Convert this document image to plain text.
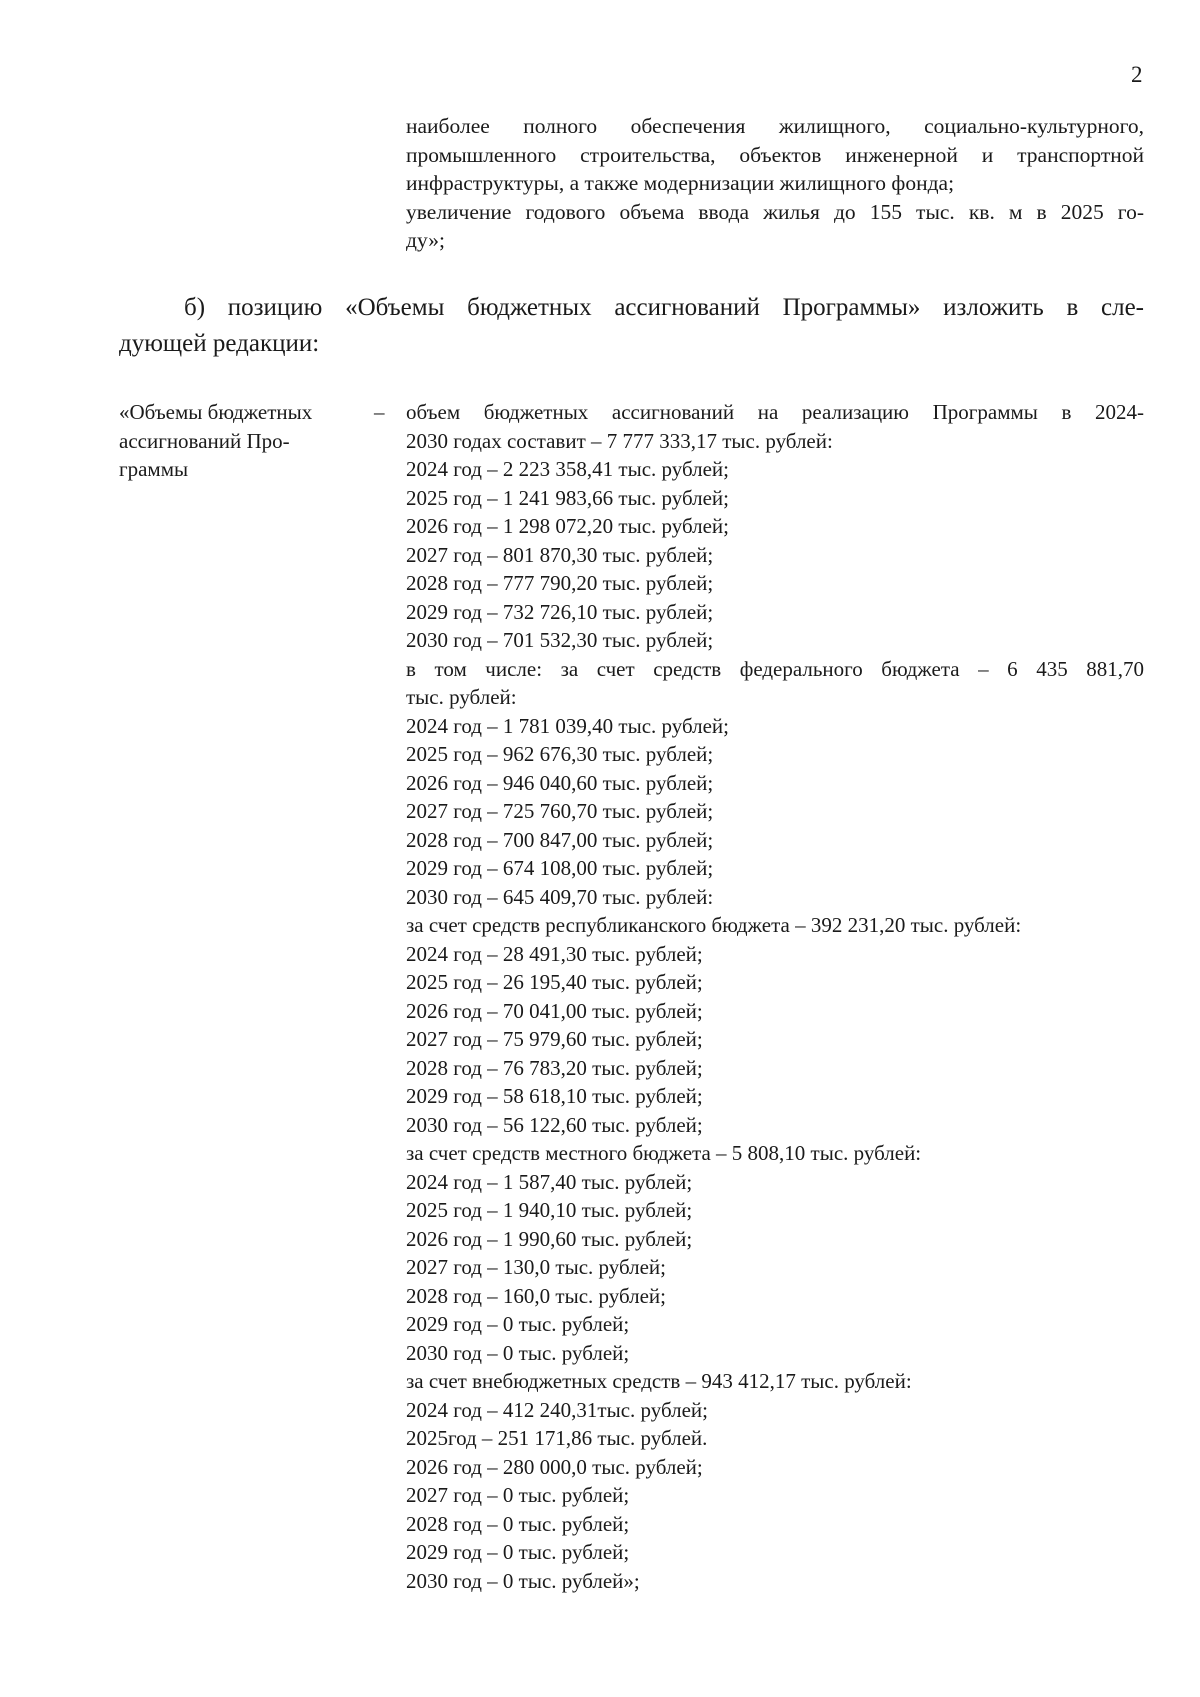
2
наиболее полного обеспечения жилищного, социально-культурного,
промышленного строительства, объектов инженерной и транспортной
инфраструктуры, а также модернизации жилищного фонда;
увеличение годового объема ввода жилья до 155 тыс. кв. м в 2025 го-
ду»;
б) позицию «Объемы бюджетных ассигнований Программы» изложить в сле-
дующей редакции:
«Объемы бюджетных
ассигнований Про-
граммы
– объем бюджетных ассигнований на реализацию Программы в 2024-
2030 годах составит – 7 777 333,17 тыс. рублей:
2024 год – 2 223 358,41 тыс. рублей;
2025 год – 1 241 983,66 тыс. рублей;
2026 год – 1 298 072,20 тыс. рублей;
2027 год – 801 870,30 тыс. рублей;
2028 год – 777 790,20 тыс. рублей;
2029 год – 732 726,10 тыс. рублей;
2030 год – 701 532,30 тыс. рублей;
в том числе: за счет средств федерального бюджета – 6 435 881,70
тыс. рублей:
2024 год – 1 781 039,40 тыс. рублей;
2025 год – 962 676,30 тыс. рублей;
2026 год – 946 040,60 тыс. рублей;
2027 год – 725 760,70 тыс. рублей;
2028 год – 700 847,00 тыс. рублей;
2029 год – 674 108,00 тыс. рублей;
2030 год – 645 409,70 тыс. рублей:
за счет средств республиканского бюджета – 392 231,20 тыс. рублей:
2024 год – 28 491,30 тыс. рублей;
2025 год – 26 195,40 тыс. рублей;
2026 год – 70 041,00 тыс. рублей;
2027 год – 75 979,60 тыс. рублей;
2028 год – 76 783,20 тыс. рублей;
2029 год – 58 618,10 тыс. рублей;
2030 год – 56 122,60 тыс. рублей;
за счет средств местного бюджета – 5 808,10 тыс. рублей:
2024 год – 1 587,40 тыс. рублей;
2025 год – 1 940,10 тыс. рублей;
2026 год – 1 990,60 тыс. рублей;
2027 год – 130,0 тыс. рублей;
2028 год – 160,0 тыс. рублей;
2029 год – 0 тыс. рублей;
2030 год – 0 тыс. рублей;
за счет внебюджетных средств – 943 412,17 тыс. рублей:
2024 год – 412 240,31тыс. рублей;
2025год – 251 171,86 тыс. рублей.
2026 год – 280 000,0 тыс. рублей;
2027 год – 0 тыс. рублей;
2028 год – 0 тыс. рублей;
2029 год – 0 тыс. рублей;
2030 год – 0 тыс. рублей»;
